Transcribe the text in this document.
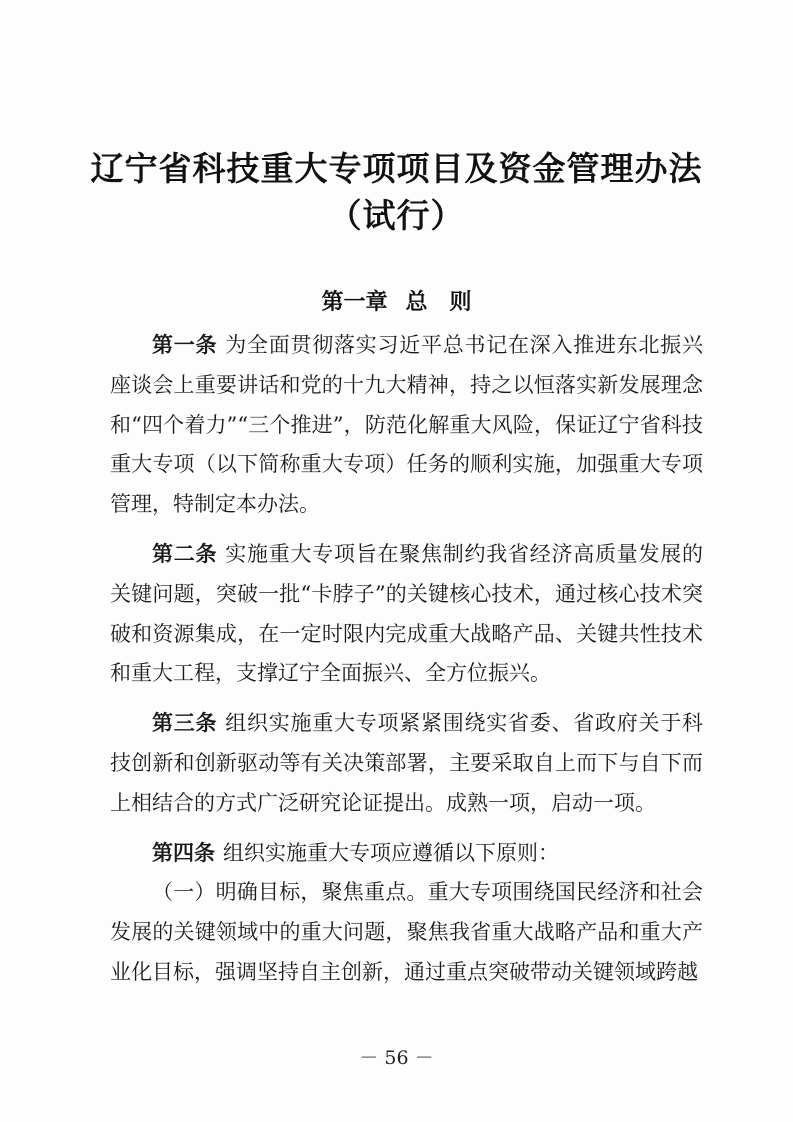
辽宁省科技重大专项项目及资金管理办法
（试行）
第一章 总　则

第一条 为全面贯彻落实习近平总书记在深入推进东北振兴座谈会上重要讲话和党的十九大精神，持之以恒落实新发展理念和“四个着力”“三个推进”，防范化解重大风险，保证辽宁省科技重大专项（以下简称重大专项）任务的顺利实施，加强重大专项管理，特制定本办法。

第二条 实施重大专项旨在聚焦制约我省经济高质量发展的关键问题，突破一批“卡脖子”的关键核心技术，通过核心技术突破和资源集成，在一定时限内完成重大战略产品、关键共性技术和重大工程，支撑辽宁全面振兴、全方位振兴。

第三条 组织实施重大专项紧紧围绕实省委、省政府关于科技创新和创新驱动等有关决策部署，主要采取自上而下与自下而上相结合的方式广泛研究论证提出。成熟一项，启动一项。

第四条 组织实施重大专项应遵循以下原则：

（一）明确目标，聚焦重点。重大专项围绕国民经济和社会发展的关键领域中的重大问题，聚焦我省重大战略产品和重大产业化目标，强调坚持自主创新，通过重点突破带动关键领域跨越

－ 56 －
